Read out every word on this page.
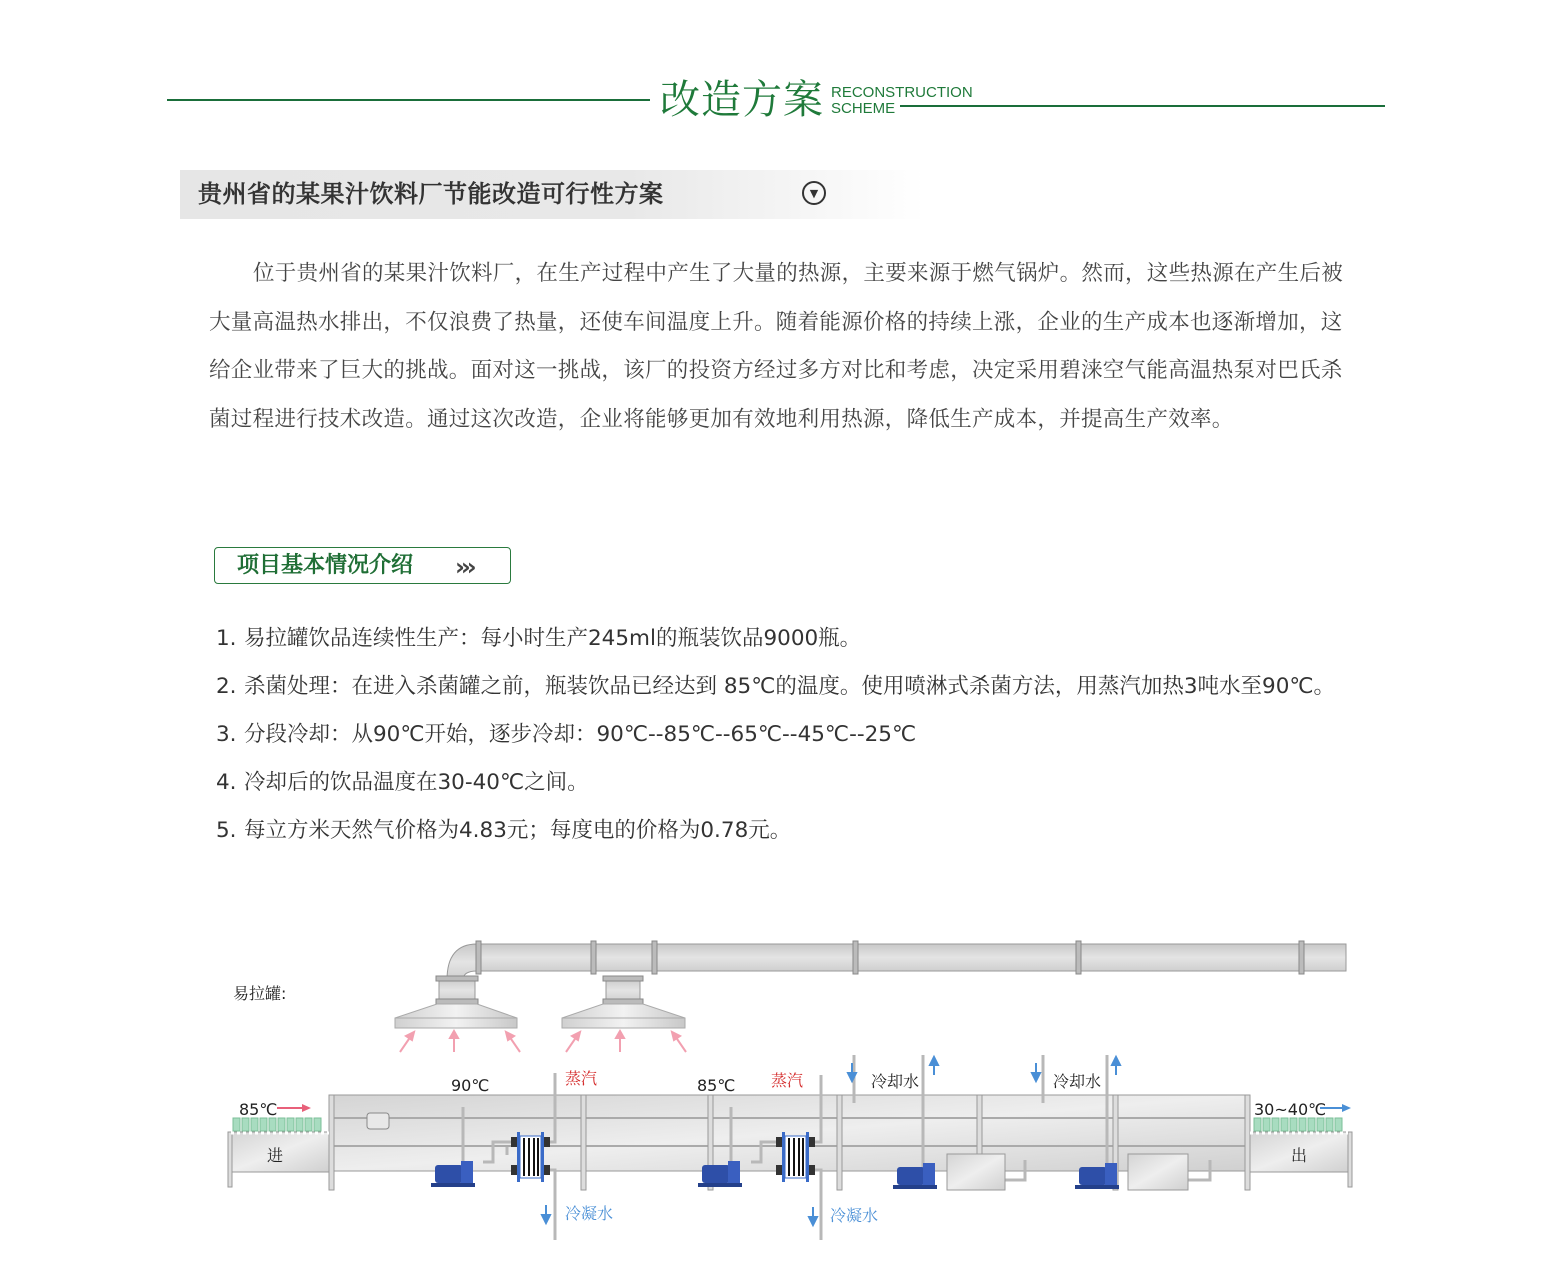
改造方案 RECONSTRUCTION
SCHEME
贵州省的某果汁饮料厂节能改造可行性方案	▼

位于贵州省的某果汁饮料厂，在生产过程中产生了大量的热源，主要来源于燃气锅炉。然而，这些热源在产生后被大量高温热水排出，不仅浪费了热量，还使车间温度上升。随着能源价格的持续上涨，企业的生产成本也逐渐增加，这给企业带来了巨大的挑战。面对这一挑战，该厂的投资方经过多方对比和考虑，决定采用碧涞空气能高温热泵对巴氏杀菌过程进行技术改造。通过这次改造，企业将能够更加有效地利用热源，降低生产成本，并提高生产效率。

项目基本情况介绍 ›››
1. 易拉罐饮品连续性生产：每小时生产245ml的瓶装饮品9000瓶。
2. 杀菌处理：在进入杀菌罐之前，瓶装饮品已经达到 85℃的温度。使用喷淋式杀菌方法，用蒸汽加热3吨水至90℃。
3. 分段冷却：从90℃开始，逐步冷却：90℃--85℃--65℃--45℃--25℃
4. 冷却后的饮品温度在30-40℃之间。
5. 每立方米天然气价格为4.83元；每度电的价格为0.78元。
易拉罐:
85℃
进
90℃	蒸汽
冷凝水
85℃ 蒸汽
冷凝水
冷却水	冷却水
30~40℃
出
